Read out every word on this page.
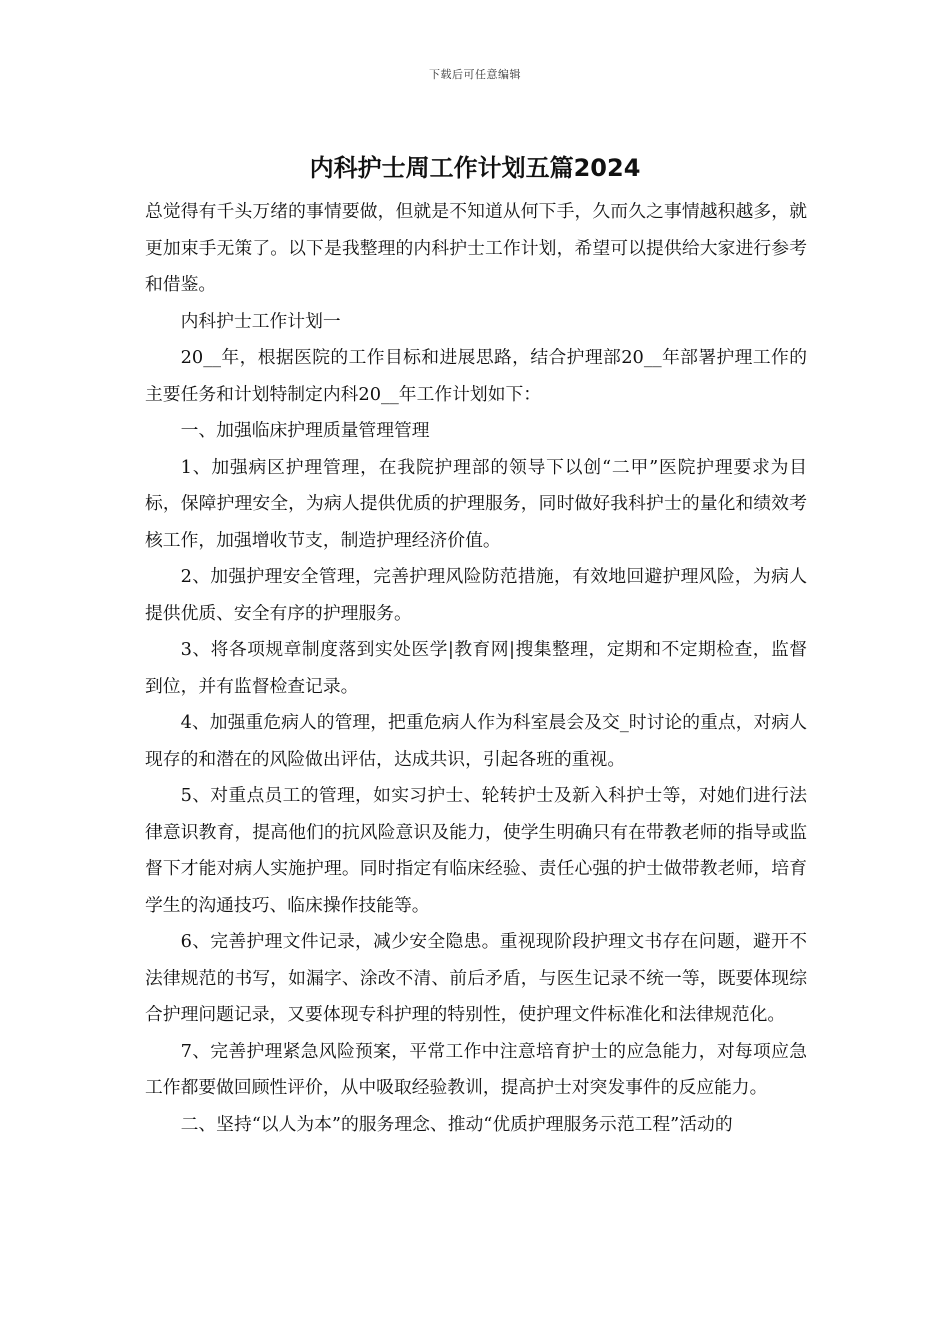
下载后可任意编辑
内科护士周工作计划五篇2024

总觉得有千头万绪的事情要做，但就是不知道从何下手，久而久之事情越积越多，就更加束手无策了。以下是我整理的内科护士工作计划，希望可以提供给大家进行参考和借鉴。

内科护士工作计划一

20__年，根据医院的工作目标和进展思路，结合护理部20__年部署护理工作的主要任务和计划特制定内科20__年工作计划如下：

一、加强临床护理质量管理管理

1、加强病区护理管理，在我院护理部的领导下以创“二甲”医院护理要求为目标，保障护理安全，为病人提供优质的护理服务，同时做好我科护士的量化和绩效考核工作，加强增收节支，制造护理经济价值。

2、加强护理安全管理，完善护理风险防范措施，有效地回避护理风险，为病人提供优质、安全有序的护理服务。

3、将各项规章制度落到实处医学|教育网|搜集整理，定期和不定期检查，监督到位，并有监督检查记录。

4、加强重危病人的管理，把重危病人作为科室晨会及交_时讨论的重点，对病人现存的和潜在的风险做出评估，达成共识，引起各班的重视。

5、对重点员工的管理，如实习护士、轮转护士及新入科护士等，对她们进行法律意识教育，提高他们的抗风险意识及能力，使学生明确只有在带教老师的指导或监督下才能对病人实施护理。同时指定有临床经验、责任心强的护士做带教老师，培育学生的沟通技巧、临床操作技能等。

6、完善护理文件记录，减少安全隐患。重视现阶段护理文书存在问题，避开不法律规范的书写，如漏字、涂改不清、前后矛盾，与医生记录不统一等，既要体现综合护理问题记录，又要体现专科护理的特别性，使护理文件标准化和法律规范化。

7、完善护理紧急风险预案，平常工作中注意培育护士的应急能力，对每项应急工作都要做回顾性评价，从中吸取经验教训，提高护士对突发事件的反应能力。

二、坚持“以人为本”的服务理念、推动“优质护理服务示范工程”活动的
